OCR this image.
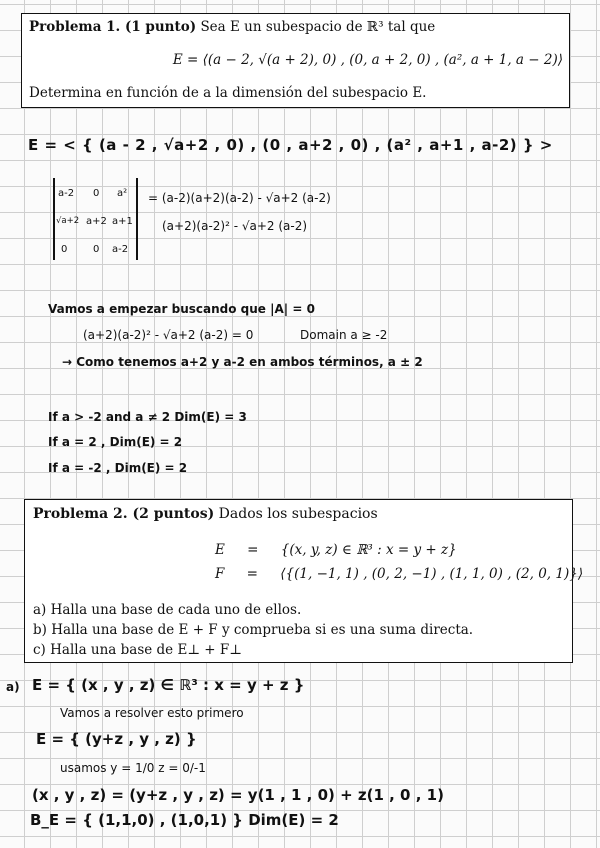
Problema 1. (1 punto) Sea E un subespacio de ℝ³ tal que
E = ⟨(a − 2, √(a + 2), 0) , (0, a + 2, 0) , (a², a + 1, a − 2)⟩
Determina en función de a la dimensión del subespacio E.
E = < { (a - 2 , √a+2 , 0) , (0 , a+2 , 0) , (a² , a+1 , a-2) } >
a-2 0 a²
√a+2 a+2 a+1
0	0 a-2
= (a-2)(a+2)(a-2) - √a+2 (a-2)
(a+2)(a-2)² - √a+2 (a-2)
Vamos a empezar buscando que |A| = 0
(a+2)(a-2)² - √a+2 (a-2) = 0	Domain a ≥ -2
→ Como tenemos a+2 y a-2 en ambos términos, a ± 2
If a > -2 and a ≠ 2 Dim(E) = 3
If a = 2 , Dim(E) = 2
If a = -2 , Dim(E) = 2
Problema 2. (2 puntos) Dados los subespacios
E = {(x, y, z) ∈ ℝ³ : x = y + z}
F = ⟨{(1, −1, 1) , (0, 2, −1) , (1, 1, 0) , (2, 0, 1)}⟩
a) Halla una base de cada uno de ellos.
b) Halla una base de E + F y comprueba si es una suma directa.
c) Halla una base de E⊥ + F⊥
a) E = { (x , y , z) ∈ ℝ³ : x = y + z }
Vamos a resolver esto primero
E = { (y+z , y , z) }
usamos y = 1/0 z = 0/-1
(x , y , z) = (y+z , y , z) = y(1 , 1 , 0) + z(1 , 0 , 1)
B_E = { (1,1,0) , (1,0,1) } Dim(E) = 2
